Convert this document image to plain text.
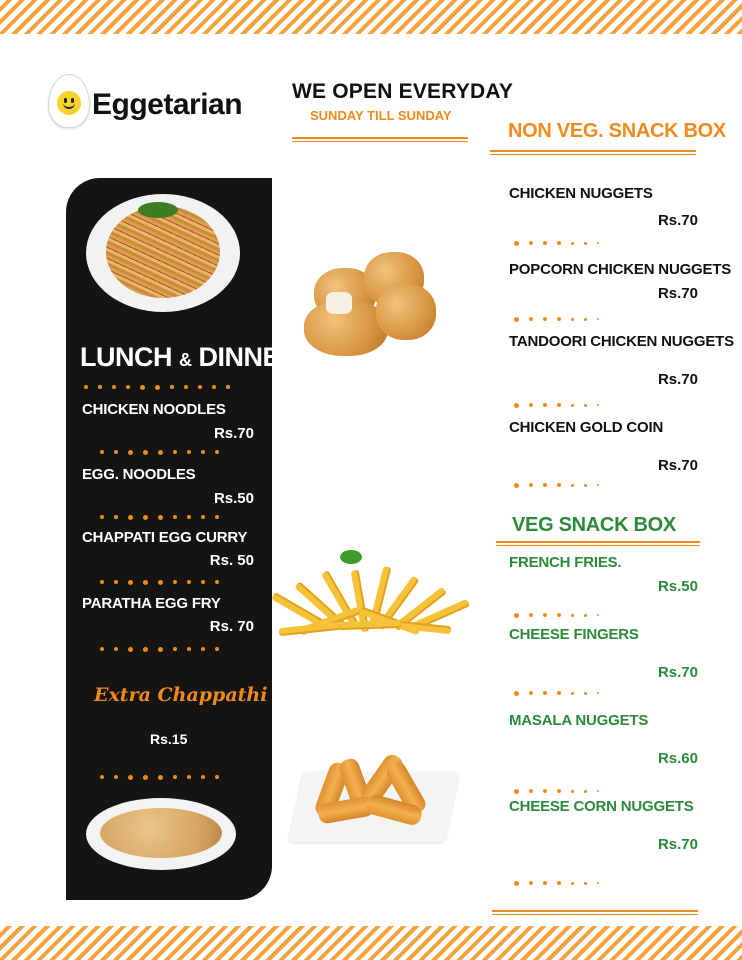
Eggetarian WE OPEN EVERYDAY
SUNDAY TILL SUNDAY
LUNCH & DINNER
CHICKEN NOODLES
Rs.70
EGG. NOODLES
Rs.50
CHAPPATI EGG CURRY
Rs. 50
PARATHA EGG FRY
Rs. 70
Extra Chappathi
Rs.15
NON VEG. SNACK BOX
CHICKEN NUGGETS
Rs.70
POPCORN CHICKEN NUGGETS
Rs.70
TANDOORI CHICKEN NUGGETS
Rs.70
CHICKEN GOLD COIN
Rs.70
VEG SNACK BOX
FRENCH FRIES.
Rs.50
CHEESE FINGERS
Rs.70
MASALA NUGGETS
Rs.60
CHEESE CORN NUGGETS
Rs.70
